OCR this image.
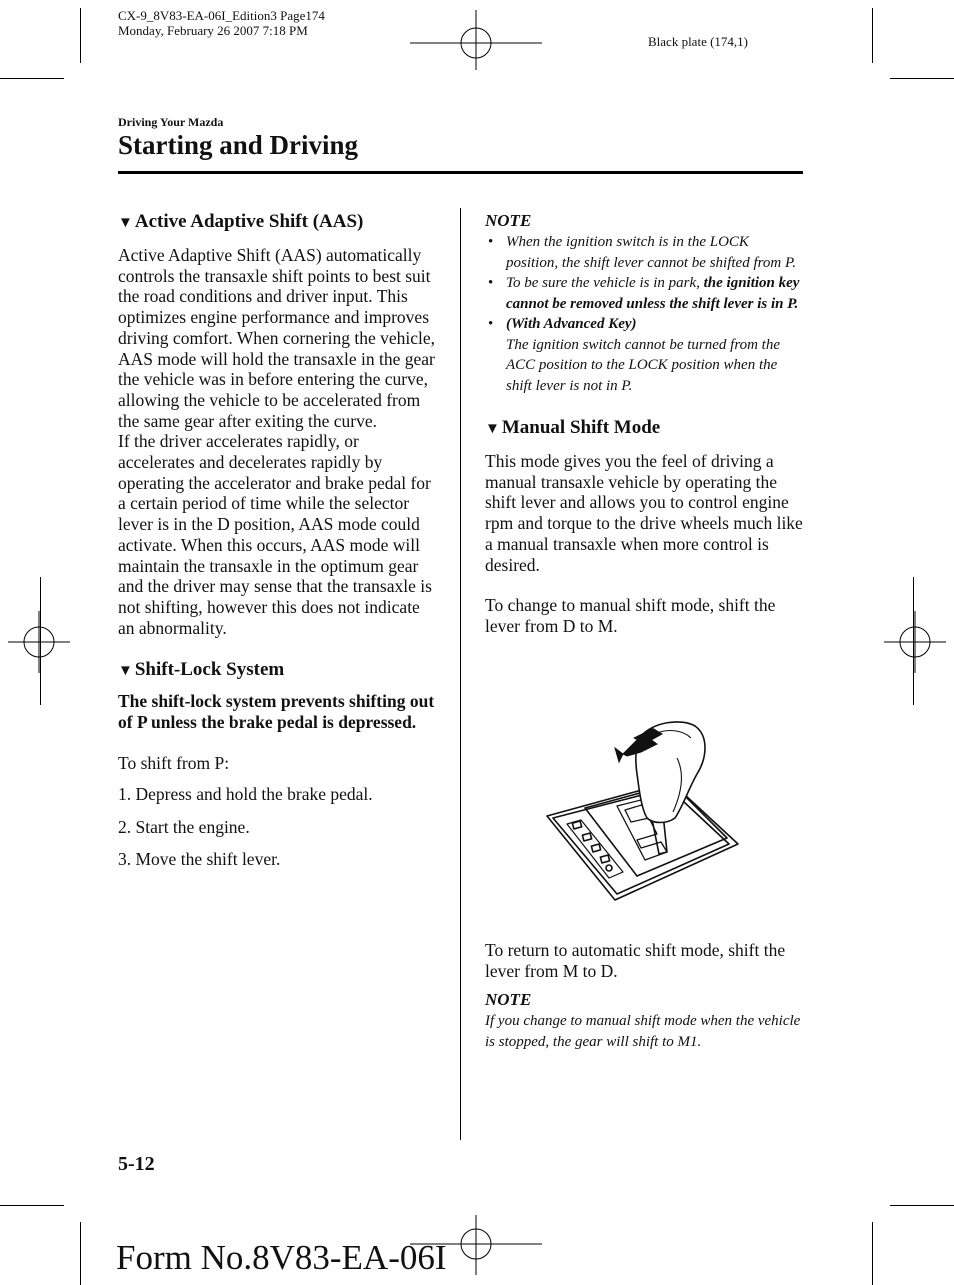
CX-9_8V83-EA-06I_Edition3 Page174
Monday, February 26 2007 7:18 PM
Black plate (174,1)
Driving Your Mazda
Starting and Driving
▼ Active Adaptive Shift (AAS)

Active Adaptive Shift (AAS) automatically controls the transaxle shift points to best suit the road conditions and driver input. This optimizes engine performance and improves driving comfort. When cornering the vehicle, AAS mode will hold the transaxle in the gear the vehicle was in before entering the curve, allowing the vehicle to be accelerated from the same gear after exiting the curve.

If the driver accelerates rapidly, or accelerates and decelerates rapidly by operating the accelerator and brake pedal for a certain period of time while the selector lever is in the D position, AAS mode could activate. When this occurs, AAS mode will maintain the transaxle in the optimum gear and the driver may sense that the transaxle is not shifting, however this does not indicate an abnormality.

▼ Shift-Lock System

The shift-lock system prevents shifting out of P unless the brake pedal is depressed.

To shift from P:

1. Depress and hold the brake pedal.
2. Start the engine.
3. Move the shift lever.
NOTE
• When the ignition switch is in the LOCK position, the shift lever cannot be shifted from P.
• To be sure the vehicle is in park, the ignition key cannot be removed unless the shift lever is in P.
• (With Advanced Key)
The ignition switch cannot be turned from the ACC position to the LOCK position when the shift lever is not in P.
▼ Manual Shift Mode

This mode gives you the feel of driving a manual transaxle vehicle by operating the shift lever and allows you to control engine rpm and torque to the drive wheels much like a manual transaxle when more control is desired.

To change to manual shift mode, shift the lever from D to M.

To return to automatic shift mode, shift the lever from M to D.

NOTE
If you change to manual shift mode when the vehicle is stopped, the gear will shift to M1.
5-12
Form No.8V83-EA-06I
